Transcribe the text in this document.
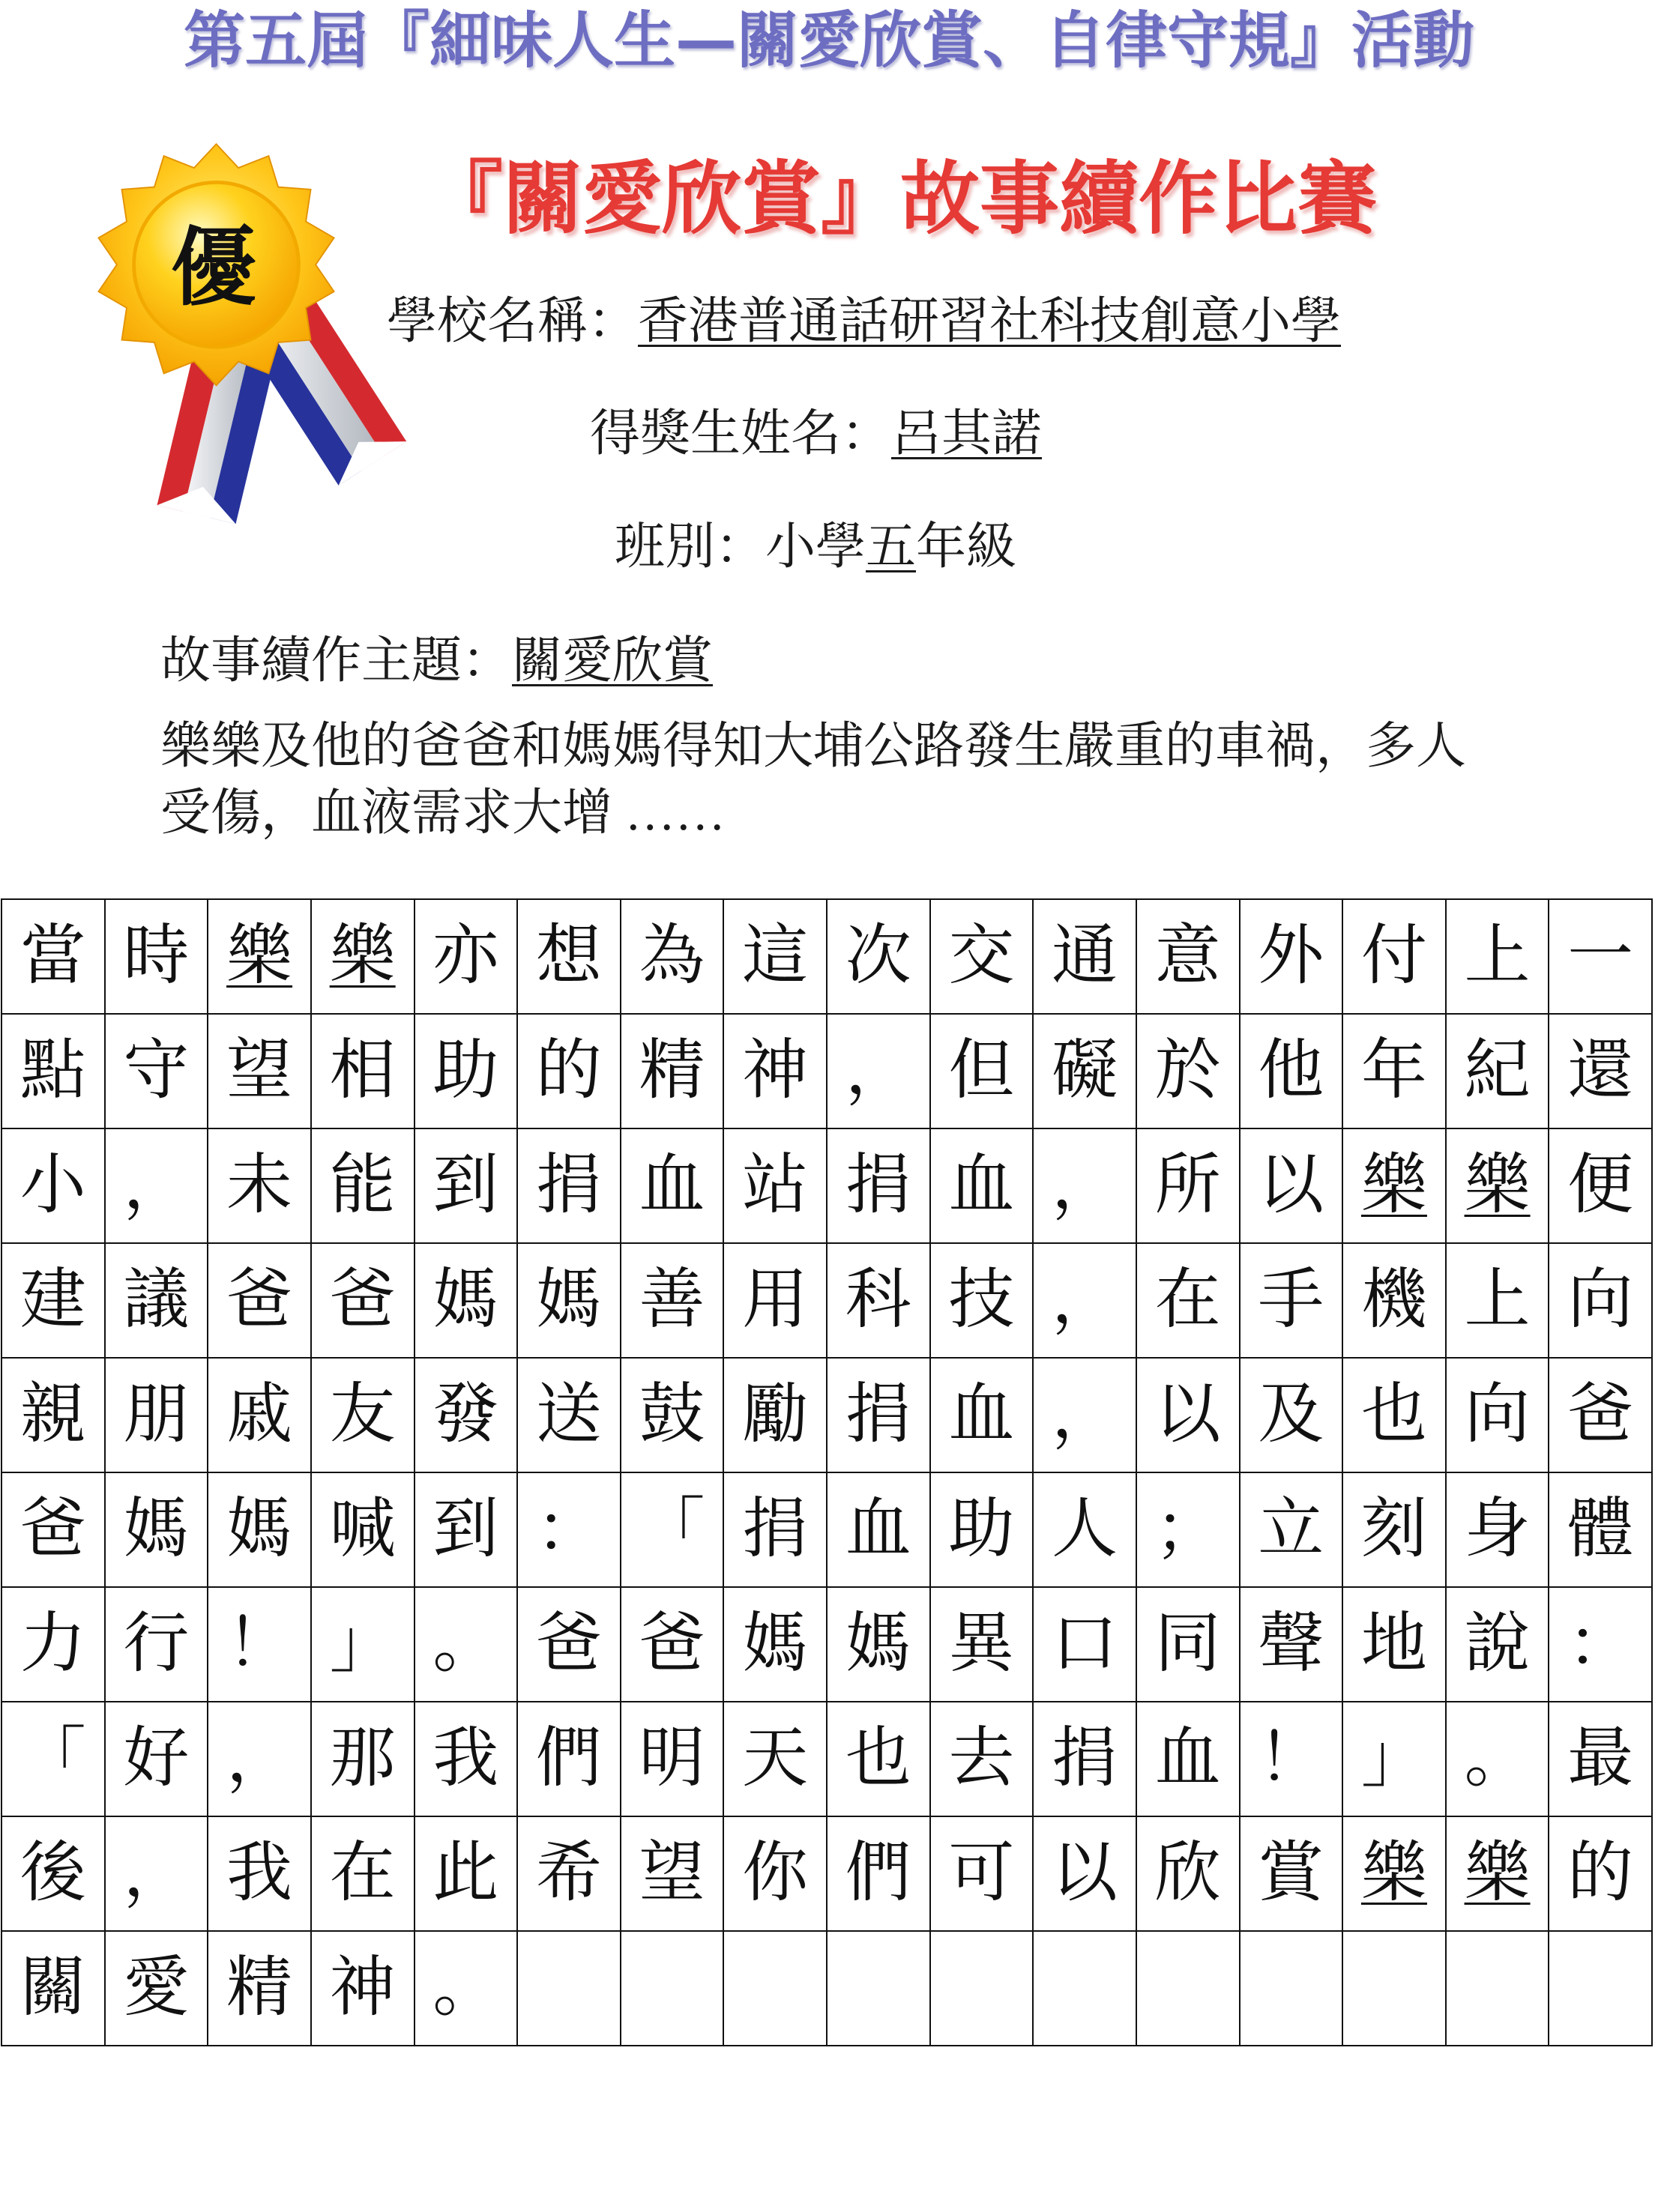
第五屆『細味人生—關愛欣賞、自律守規』活動
優
『關愛欣賞』故事續作比賽
學校名稱：香港普通話研習社科技創意小學
得獎生姓名：呂其諾
班別：小學五年級
故事續作主題：關愛欣賞
樂樂及他的爸爸和媽媽得知大埔公路發生嚴重的車禍，多人
受傷，血液需求大增 ……
當	時	樂	樂	亦	想	為	這	次	交	通	意	外	付	上	一
點	守	望	相	助	的	精	神	，	但	礙	於	他	年	紀	還
小	，	未	能	到	捐	血	站	捐	血	，	所	以	樂	樂	便
建	議	爸	爸	媽	媽	善	用	科	技	，	在	手	機	上	向
親	朋	戚	友	發	送	鼓	勵	捐	血	，	以	及	也	向	爸
爸	媽	媽	喊	到	：	「	捐	血	助	人	；	立	刻	身	體
力	行	！	」	。	爸	爸	媽	媽	異	口	同	聲	地	說	：
「	好	，	那	我	們	明	天	也	去	捐	血	！	」	。	最
後	，	我	在	此	希	望	你	們	可	以	欣	賞	樂	樂	的
關	愛	精	神	。											
